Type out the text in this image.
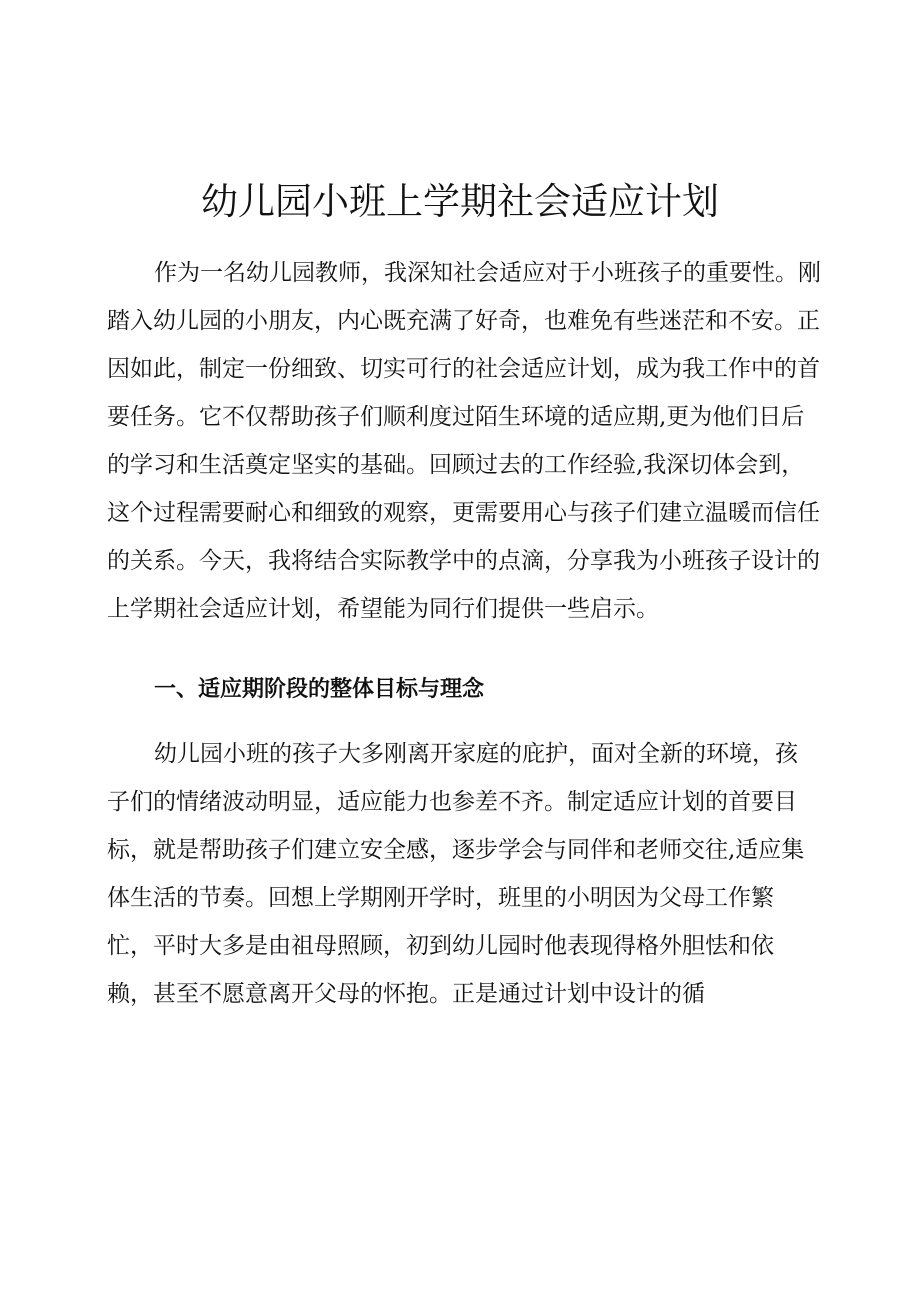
幼儿园小班上学期社会适应计划

作为一名幼儿园教师，我深知社会适应对于小班孩子的重要性。刚

踏入幼儿园的小朋友，内心既充满了好奇，也难免有些迷茫和不安。正

因如此，制定一份细致、切实可行的社会适应计划，成为我工作中的首

要任务。它不仅帮助孩子们顺利度过陌生环境的适应期,更为他们日后

的学习和生活奠定坚实的基础。回顾过去的工作经验,我深切体会到，

这个过程需要耐心和细致的观察，更需要用心与孩子们建立温暖而信任

的关系。今天，我将结合实际教学中的点滴，分享我为小班孩子设计的

上学期社会适应计划，希望能为同行们提供一些启示。

一、适应期阶段的整体目标与理念

幼儿园小班的孩子大多刚离开家庭的庇护，面对全新的环境，孩

子们的情绪波动明显，适应能力也参差不齐。制定适应计划的首要目

标，就是帮助孩子们建立安全感，逐步学会与同伴和老师交往,适应集

体生活的节奏。回想上学期刚开学时，班里的小明因为父母工作繁

忙，平时大多是由祖母照顾，初到幼儿园时他表现得格外胆怯和依

赖，甚至不愿意离开父母的怀抱。正是通过计划中设计的循
